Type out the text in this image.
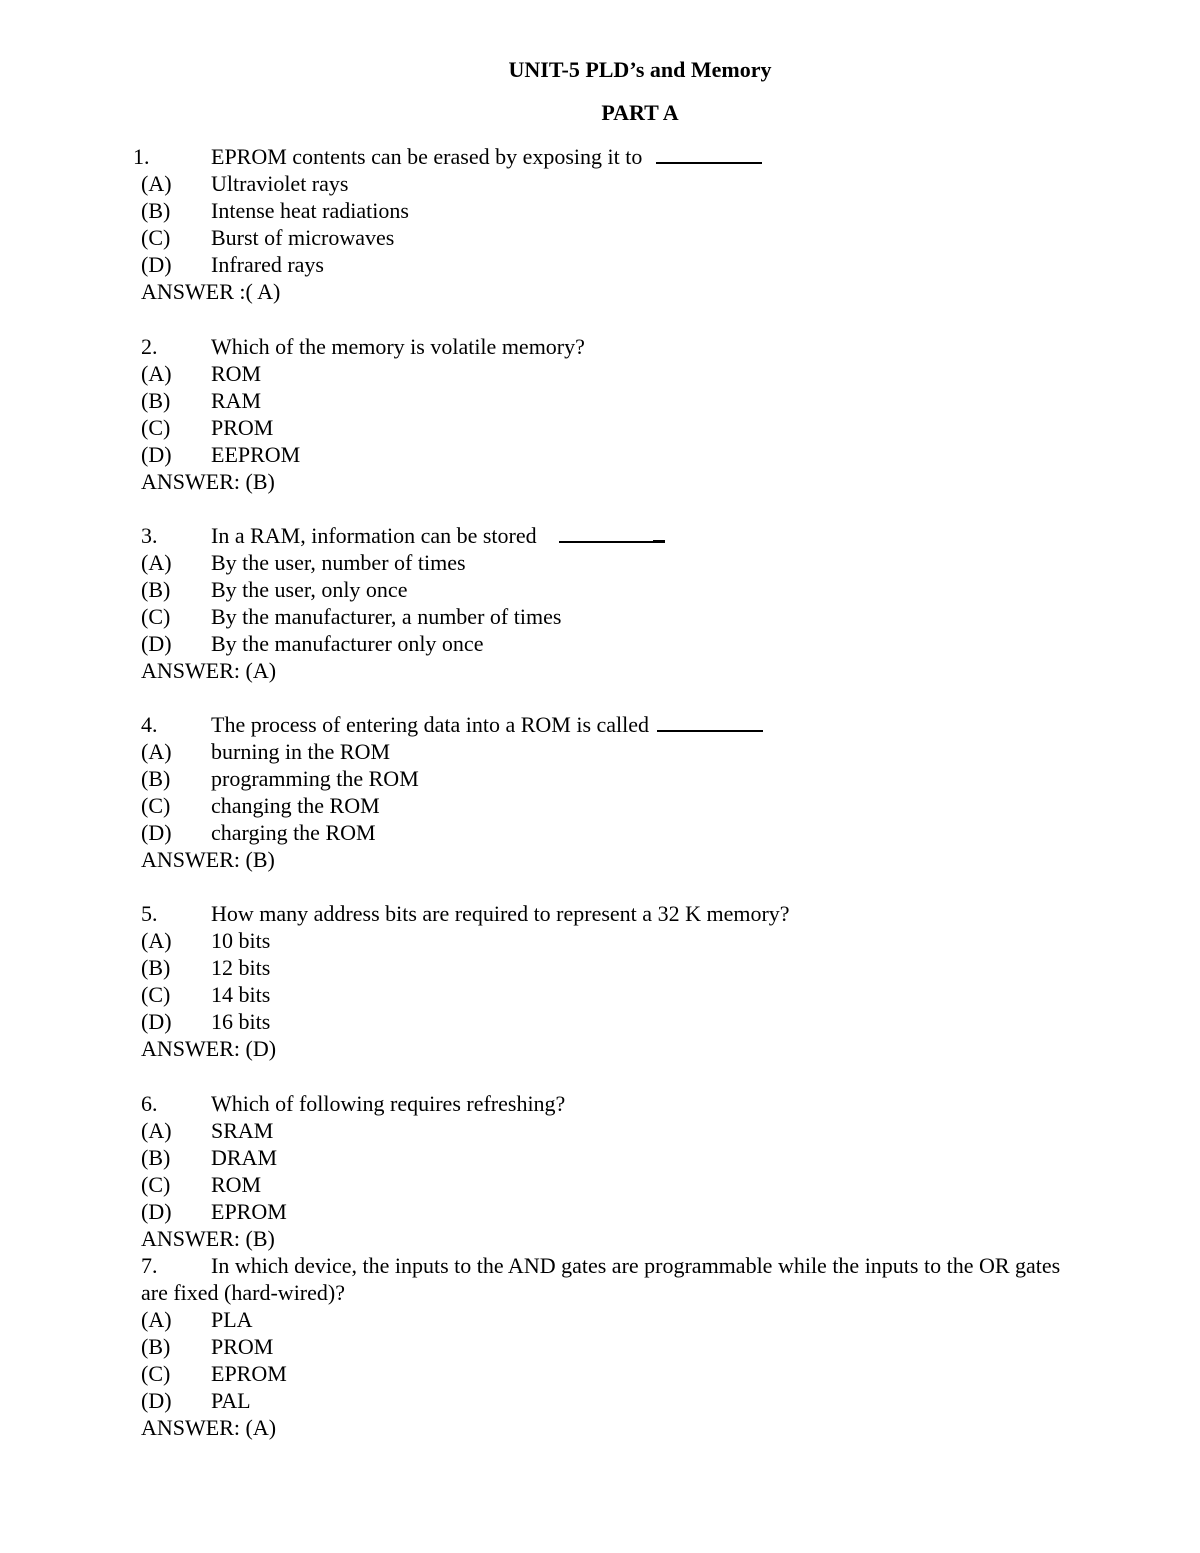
UNIT-5 PLD’s and Memory
PART A
1.	EPROM contents can be erased by exposing it to
(A) Ultraviolet rays
(B) Intense heat radiations
(C) Burst of microwaves
(D) Infrared rays
ANSWER :( A)
2. Which of the memory is volatile memory?
(A) ROM
(B) RAM
(C) PROM
(D) EEPROM
ANSWER: (B)
3. In a RAM, information can be stored
(A) By the user, number of times
(B) By the user, only once
(C) By the manufacturer, a number of times
(D) By the manufacturer only once
ANSWER: (A)
4. The process of entering data into a ROM is called
(A) burning in the ROM
(B) programming the ROM
(C) changing the ROM
(D) charging the ROM
ANSWER: (B)
5. How many address bits are required to represent a 32 K memory?
(A) 10 bits
(B) 12 bits
(C) 14 bits
(D) 16 bits
ANSWER: (D)
6. Which of following requires refreshing?
(A) SRAM
(B) DRAM
(C) ROM
(D) EPROM
ANSWER: (B)
7. In which device, the inputs to the AND gates are programmable while the inputs to the OR gates
are fixed (hard-wired)?
(A) PLA
(B) PROM
(C) EPROM
(D) PAL
ANSWER: (A)
